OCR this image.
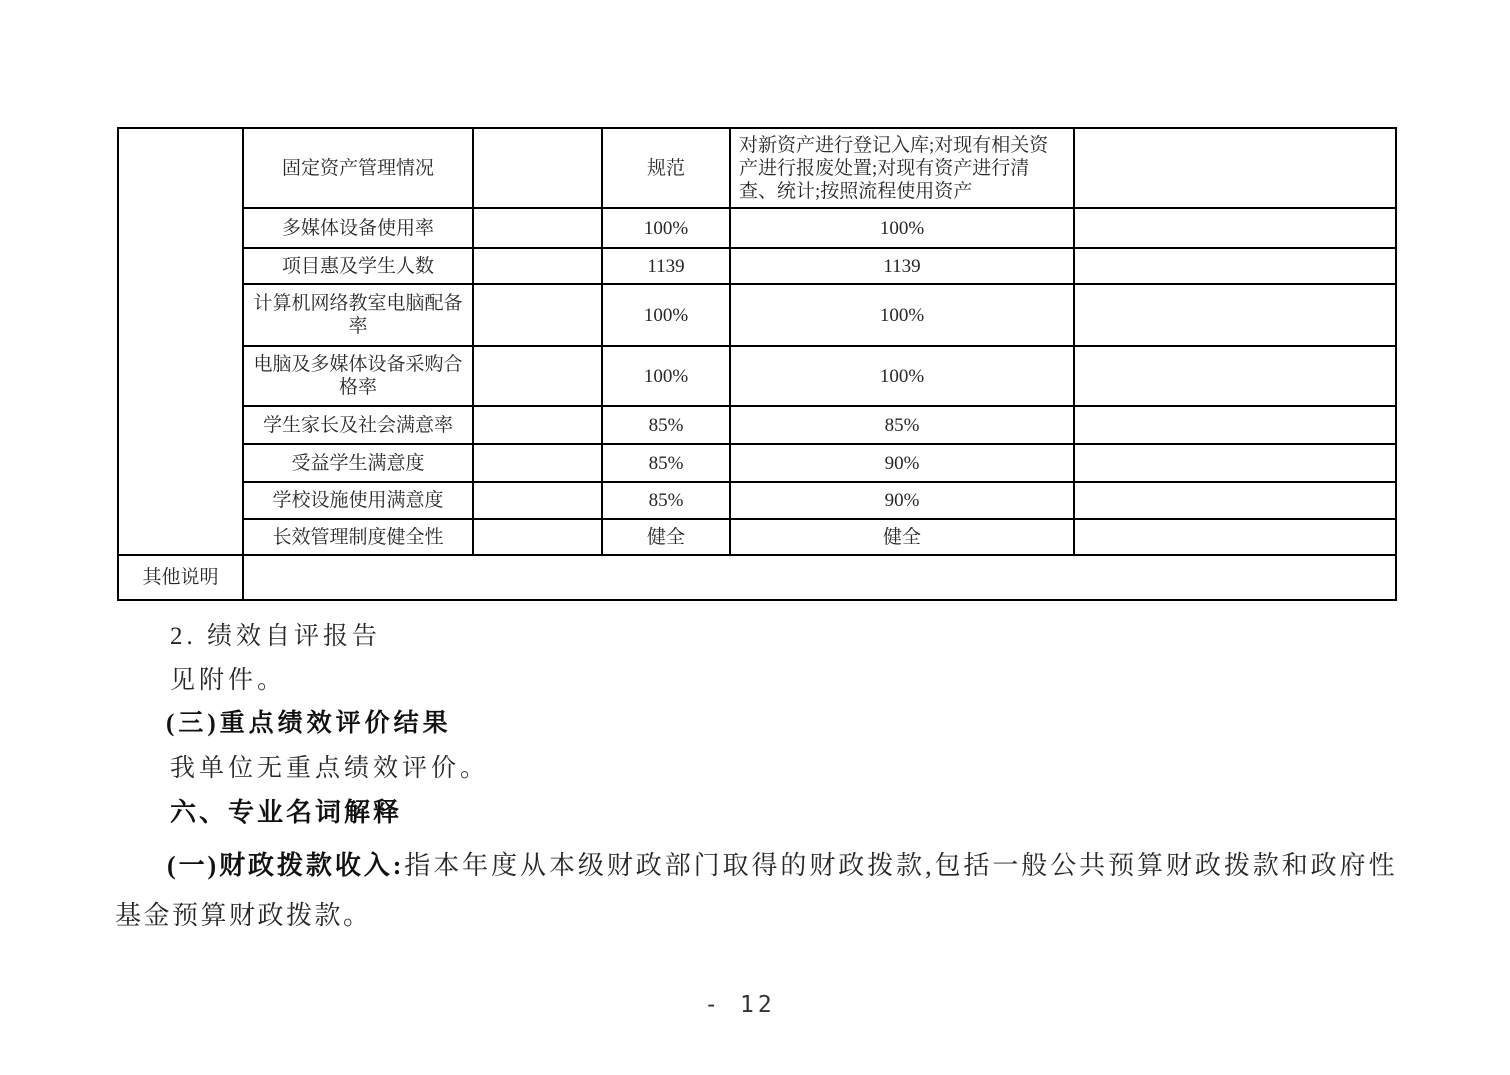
	固定资产管理情况		规范	对新资产进行登记入库;对现有相关资产进行报废处置;对现有资产进行清查、统计;按照流程使用资产	
	多媒体设备使用率		100%	100%	
	项目惠及学生人数		1139	1139	
	计算机网络教室电脑配备率		100%	100%	
	电脑及多媒体设备采购合格率		100%	100%	
	学生家长及社会满意率		85%	85%	
	受益学生满意度		85%	90%	
	学校设施使用满意度		85%	90%	
	长效管理制度健全性		健全	健全	
其他说明					
2. 绩效自评报告
见附件。
(三)重点绩效评价结果
我单位无重点绩效评价。
六、专业名词解释

(一)财政拨款收入:指本年度从本级财政部门取得的财政拨款,包括一般公共预算财政拨款和政府性基金预算财政拨款。

- 12
